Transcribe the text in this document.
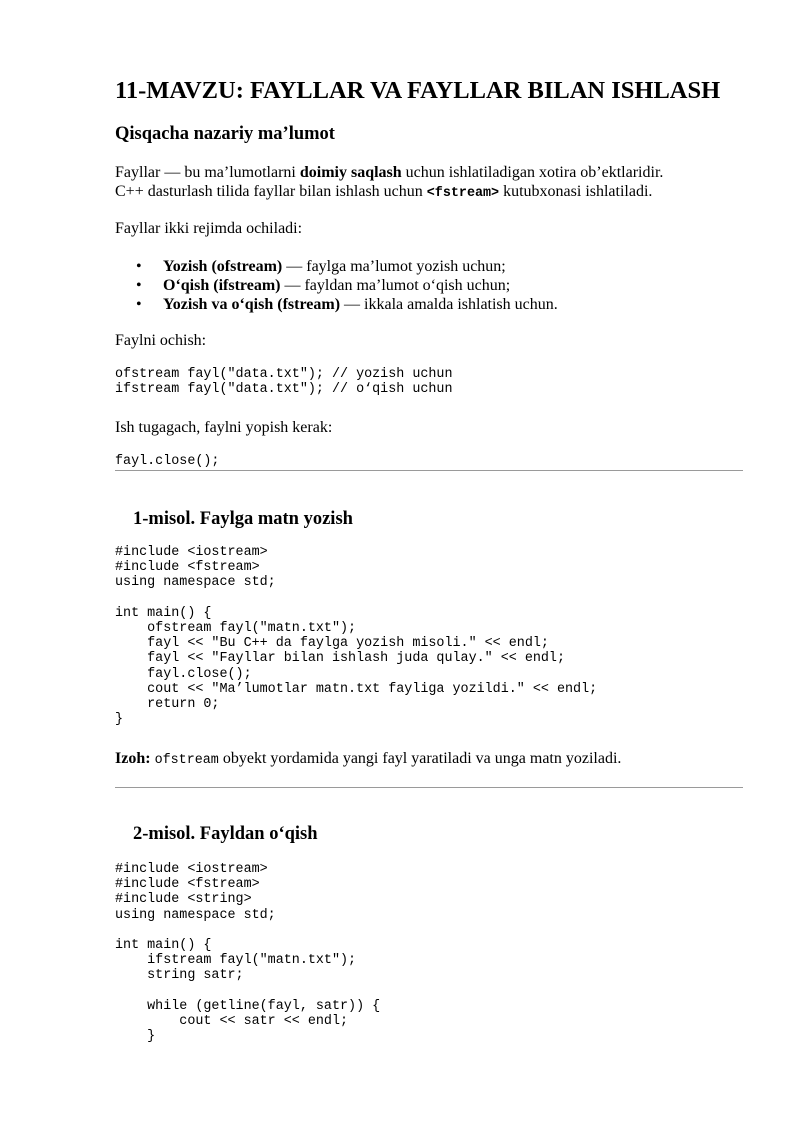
11-MAVZU: FAYLLAR VA FAYLLAR BILAN ISHLASH
Qisqacha nazariy ma’lumot

Fayllar — bu ma’lumotlarni doimiy saqlash uchun ishlatiladigan xotira ob’ektlaridir.

C++ dasturlash tilida fayllar bilan ishlash uchun <fstream> kutubxonasi ishlatiladi.

Fayllar ikki rejimda ochiladi:

• Yozish (ofstream) — faylga ma’lumot yozish uchun;
• O‘qish (ifstream) — fayldan ma’lumot o‘qish uchun;
• Yozish va o‘qish (fstream) — ikkala amalda ishlatish uchun.

Faylni ochish:

ofstream fayl("data.txt"); // yozish uchun
ifstream fayl("data.txt"); // o‘qish uchun

Ish tugagach, faylni yopish kerak:

fayl.close();
1-misol. Faylga matn yozish
#include <iostream>
#include <fstream>
using namespace std;

int main() {
ofstream fayl("matn.txt");
fayl << "Bu C++ da faylga yozish misoli." << endl;
fayl << "Fayllar bilan ishlash juda qulay." << endl;
fayl.close();
cout << "Ma’lumotlar matn.txt fayliga yozildi." << endl;
return 0;
}

Izoh: ofstream obyekt yordamida yangi fayl yaratiladi va unga matn yoziladi.

2-misol. Fayldan o‘qish
#include <iostream>
#include <fstream>
#include <string>
using namespace std;

int main() {
ifstream fayl("matn.txt");
string satr;

while (getline(fayl, satr)) {
cout << satr << endl;
}
